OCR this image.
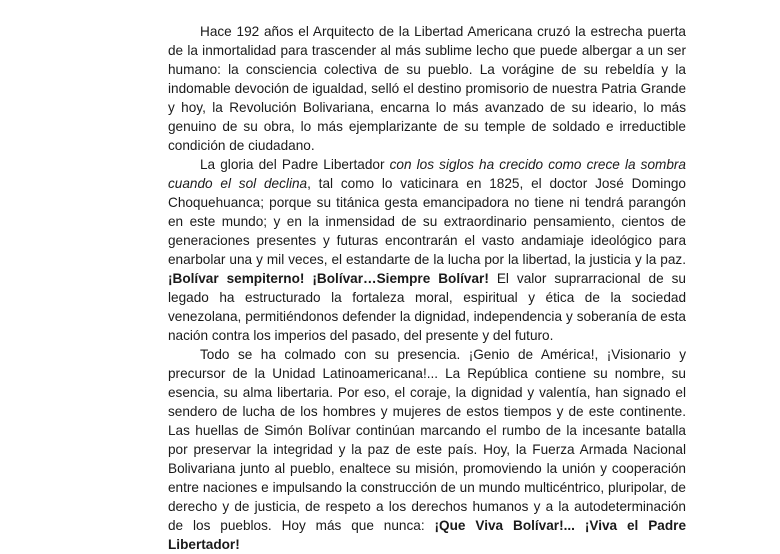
Hace 192 años el Arquitecto de la Libertad Americana cruzó la estrecha puerta de la inmortalidad para trascender al más sublime lecho que puede albergar a un ser humano: la consciencia colectiva de su pueblo. La vorágine de su rebeldía y la indomable devoción de igualdad, selló el destino promisorio de nuestra Patria Grande y hoy, la Revolución Bolivariana, encarna lo más avanzado de su ideario, lo más genuino de su obra, lo más ejemplarizante de su temple de soldado e irreductible condición de ciudadano.

La gloria del Padre Libertador con los siglos ha crecido como crece la sombra cuando el sol declina, tal como lo vaticinara en 1825, el doctor José Domingo Choquehuanca; porque su titánica gesta emancipadora no tiene ni tendrá parangón en este mundo; y en la inmensidad de su extraordinario pensamiento, cientos de generaciones presentes y futuras encontrarán el vasto andamiaje ideológico para enarbolar una y mil veces, el estandarte de la lucha por la libertad, la justicia y la paz. ¡Bolívar sempiterno! ¡Bolívar…Siempre Bolívar! El valor suprarracional de su legado ha estructurado la fortaleza moral, espiritual y ética de la sociedad venezolana, permitiéndonos defender la dignidad, independencia y soberanía de esta nación contra los imperios del pasado, del presente y del futuro.

Todo se ha colmado con su presencia. ¡Genio de América!, ¡Visionario y precursor de la Unidad Latinoamericana!... La República contiene su nombre, su esencia, su alma libertaria. Por eso, el coraje, la dignidad y valentía, han signado el sendero de lucha de los hombres y mujeres de estos tiempos y de este continente. Las huellas de Simón Bolívar continúan marcando el rumbo de la incesante batalla por preservar la integridad y la paz de este país. Hoy, la Fuerza Armada Nacional Bolivariana junto al pueblo, enaltece su misión, promoviendo la unión y cooperación entre naciones e impulsando la construcción de un mundo multicéntrico, pluripolar, de derecho y de justicia, de respeto a los derechos humanos y a la autodeterminación de los pueblos. Hoy más que nunca: ¡Que Viva Bolívar!... ¡Viva el Padre Libertador!
